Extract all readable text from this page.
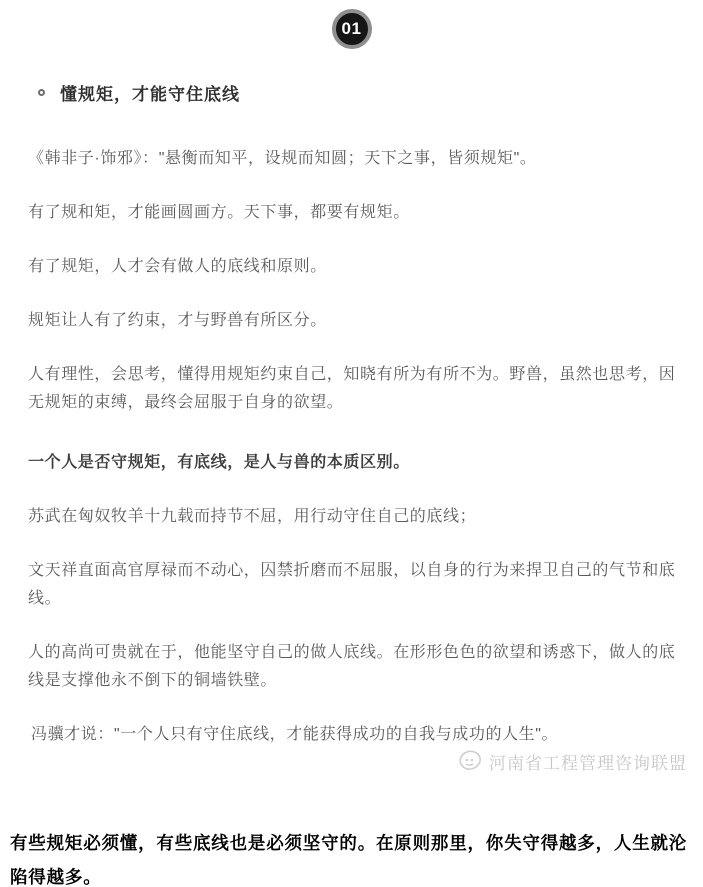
01
懂规矩，才能守住底线

《韩非子·饰邪》："悬衡而知平，设规而知圆；天下之事，皆须规矩"。

有了规和矩，才能画圆画方。天下事，都要有规矩。

有了规矩，人才会有做人的底线和原则。

规矩让人有了约束，才与野兽有所区分。

人有理性，会思考，懂得用规矩约束自己，知晓有所为有所不为。野兽，虽然也思考，因无规矩的束缚，最终会屈服于自身的欲望。

一个人是否守规矩，有底线，是人与兽的本质区别。

苏武在匈奴牧羊十九载而持节不屈，用行动守住自己的底线；

文天祥直面高官厚禄而不动心，囚禁折磨而不屈服，以自身的行为来捍卫自己的气节和底线。

人的高尚可贵就在于，他能坚守自己的做人底线。在形形色色的欲望和诱惑下，做人的底线是支撑他永不倒下的铜墙铁壁。

冯骥才说："一个人只有守住底线，才能获得成功的自我与成功的人生"。

河南省工程管理咨询联盟
有些规矩必须懂，有些底线也是必须坚守的。在原则那里，你失守得越多，人生就沦陷得越多。
